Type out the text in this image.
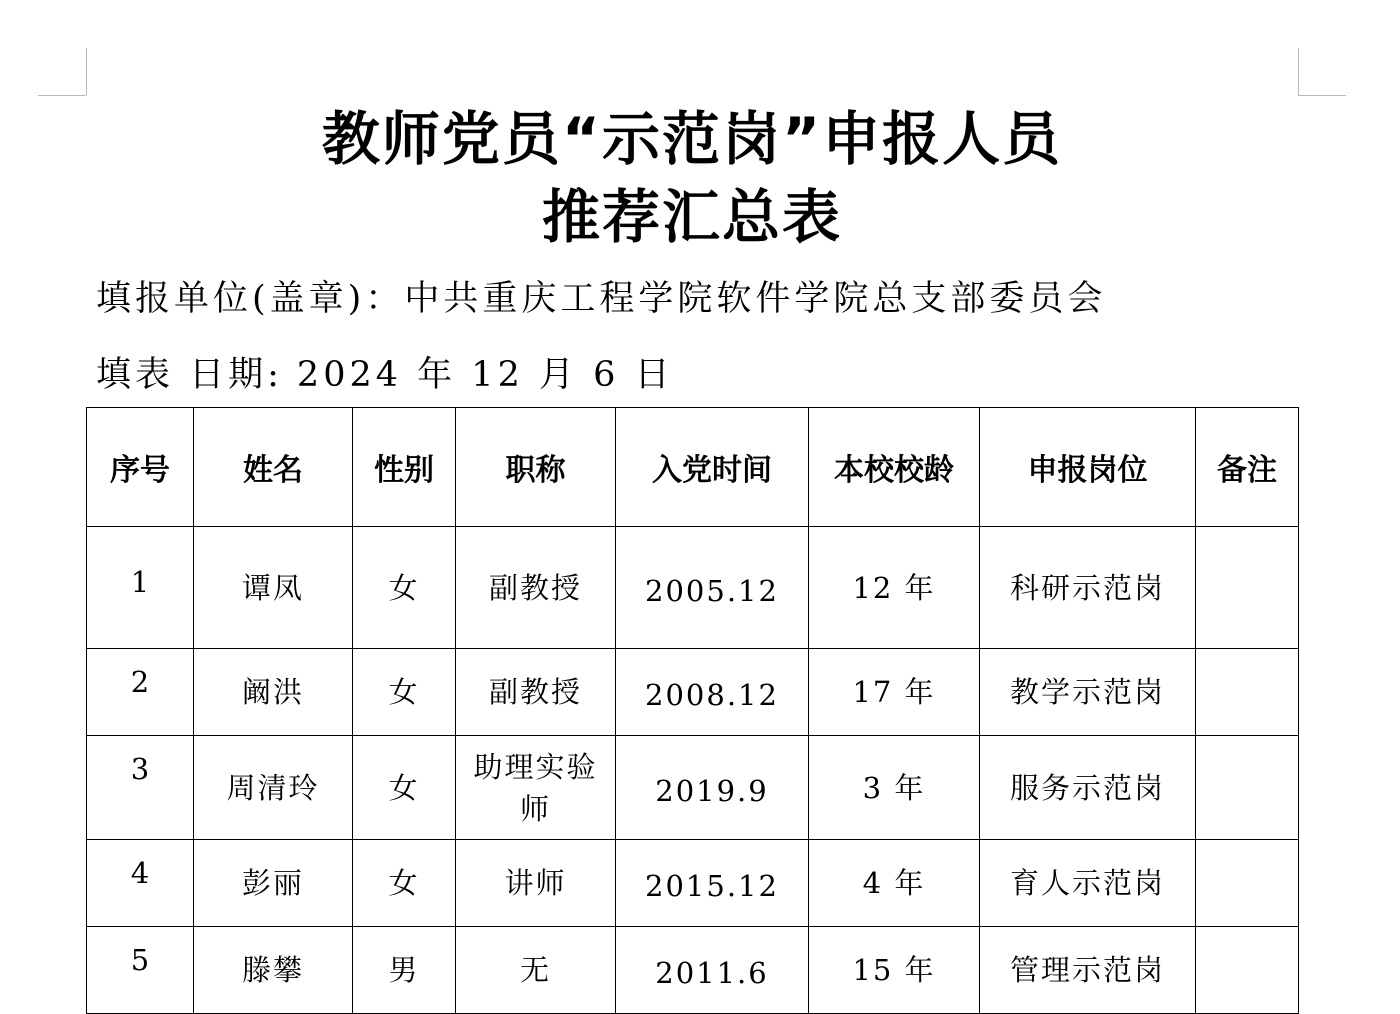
教师党员“示范岗”申报人员
推荐汇总表
填报单位(盖章)：中共重庆工程学院软件学院总支部委员会
填表 日期: 2024 年 12 月 6 日
序号	姓名	性别	职称	入党时间	本校校龄	申报岗位	备注
1	谭凤	女	副教授	2005.12	12 年	科研示范岗	
2	阚洪	女	副教授	2008.12	17 年	教学示范岗	
3	周清玲	女	助理实验师	2019.9	3 年	服务示范岗	
4	彭丽	女	讲师	2015.12	4 年	育人示范岗	
5	滕攀	男	无	2011.6	15 年	管理示范岗	
